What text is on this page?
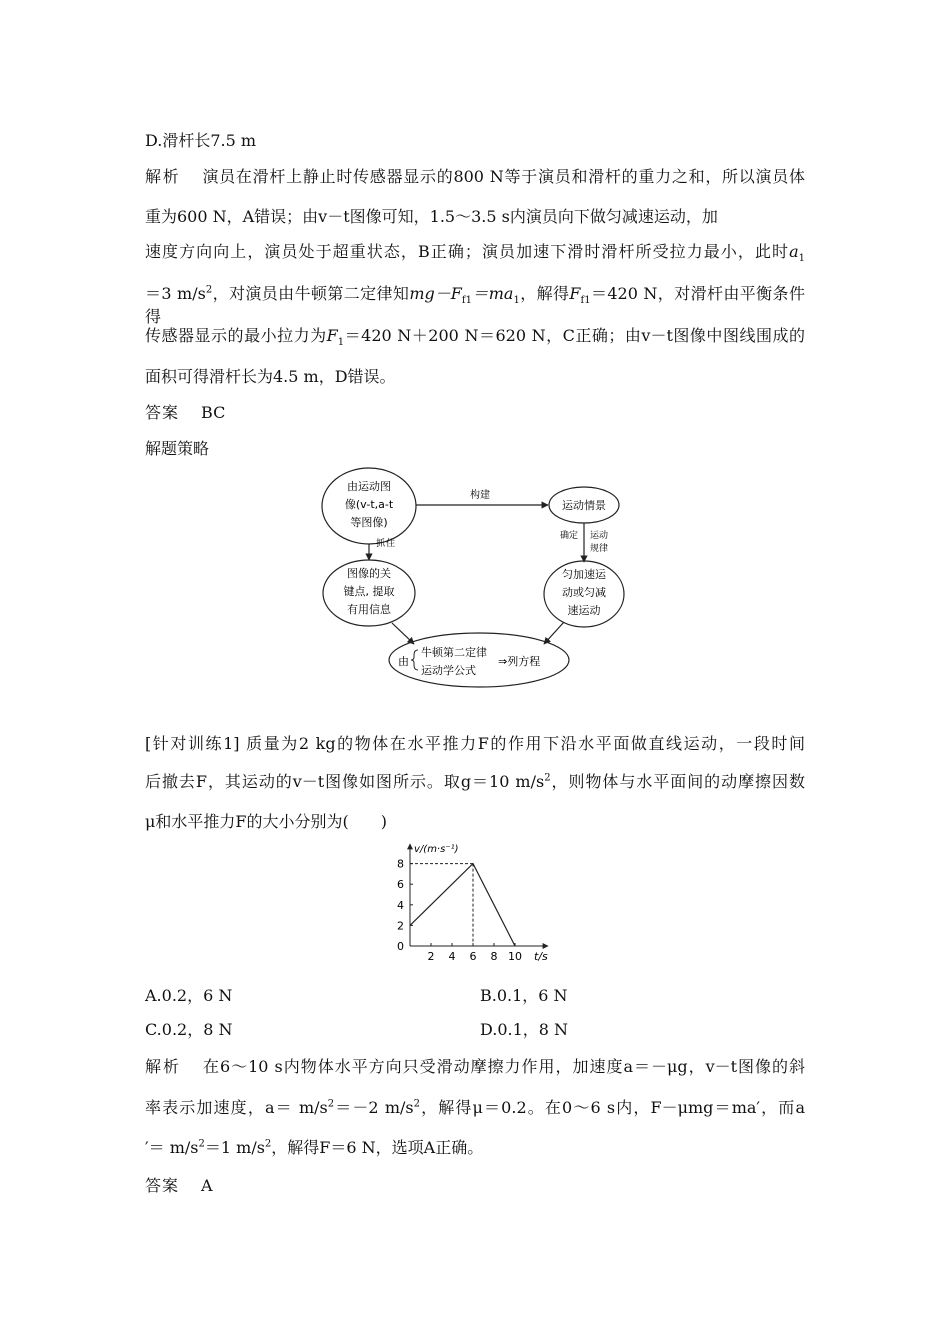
D.滑杆长7.5 m
解析 演员在滑杆上静止时传感器显示的800 N等于演员和滑杆的重力之和，所以演员体
重为600 N，A错误；由v－t图像可知，1.5～3.5 s内演员向下做匀减速运动，加
速度方向向上，演员处于超重状态，B正确；演员加速下滑时滑杆所受拉力最小，此时$a_1$
＝3 $m/s^2$，对演员由牛顿第二定律知$mg-F_{f1}=ma_1$，解得$F_{f1}=420$ N，对滑杆由平衡条件得
传感器显示的最小拉力为$F_1=420$ N＋200 N＝620 N，C正确；由v－t图像中图线围成的
面积可得滑杆长为4.5 m，D错误。
答案 BC
解题策略
由运动图
像(v-t,a-t
等图像)
运动情景
构建
抓 住
图像的关
键点, 提取
有用信息
确定 运动
规律
匀加速运
动或匀减
速运动
由
牛顿第二定律
运动学公式
⇒列方程
[针对训练1] 质量为2 kg的物体在水平推力F的作用下沿水平面做直线运动，一段时间
后撤去F，其运动的v－t图像如图所示。取g＝10 $m/s^2$，则物体与水平面间的动摩擦因数
μ和水平推力F的大小分别为(　　)
v/(m·s⁻¹)
t/s
2 4 6 8 10
0
2
4
6
8
A.0.2，6 N	B.0.1，6 N
C.0.2，8 N	D.0.1，8 N
解析 在6～10 s内物体水平方向只受滑动摩擦力作用，加速度a＝－μg，v－t图像的斜
率表示加速度，$a= m/s^2=-2$ $m/s^2$，解得μ＝0.2。在0～6 s内，F－μmg＝ma′，而a
′＝ $m/s^2=1$ $m/s^2$，解得F＝6 N，选项A正确。
答案 A
